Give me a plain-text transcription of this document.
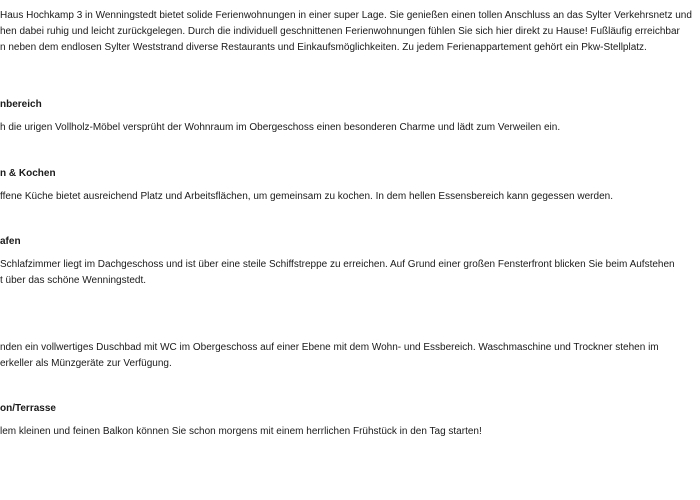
Haus Hochkamp 3 in Wenningstedt bietet solide Ferienwohnungen in einer super Lage. Sie genießen einen tollen Anschluss an das Sylter Verkehrsnetz und
hen dabei ruhig und leicht zurückgelegen. Durch die individuell geschnittenen Ferienwohnungen fühlen Sie sich hier direkt zu Hause! Fußläufig erreichbar
n neben dem endlosen Sylter Weststrand diverse Restaurants und Einkaufsmöglichkeiten. Zu jedem Ferienappartement gehört ein Pkw-Stellplatz.

nbereich

h die urigen Vollholz-Möbel versprüht der Wohnraum im Obergeschoss einen besonderen Charme und lädt zum Verweilen ein.

n & Kochen

ffene Küche bietet ausreichend Platz und Arbeitsflächen, um gemeinsam zu kochen. In dem hellen Essensbereich kann gegessen werden.

afen

Schlafzimmer liegt im Dachgeschoss und ist über eine steile Schiffstreppe zu erreichen. Auf Grund einer großen Fensterfront blicken Sie beim Aufstehen
t über das schöne Wenningstedt.

nden ein vollwertiges Duschbad mit WC im Obergeschoss auf einer Ebene mit dem Wohn- und Essbereich. Waschmaschine und Trockner stehen im
erkeller als Münzgeräte zur Verfügung.

on/Terrasse

lem kleinen und feinen Balkon können Sie schon morgens mit einem herrlichen Frühstück in den Tag starten!
